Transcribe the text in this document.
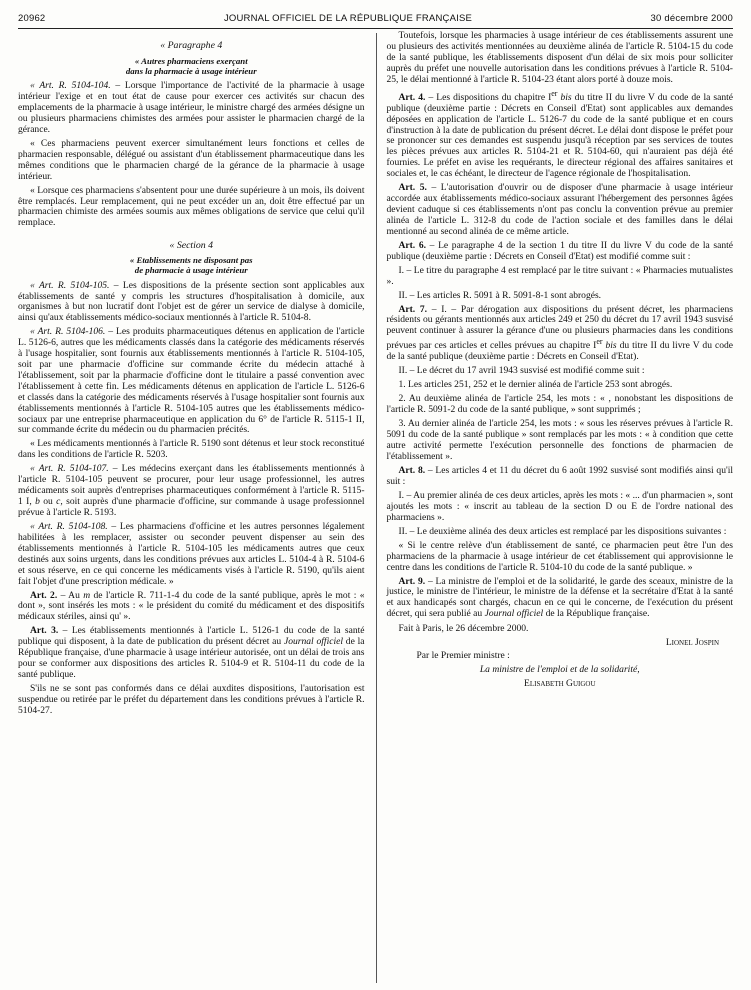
20962	JOURNAL OFFICIEL DE LA RÉPUBLIQUE FRANÇAISE	30 décembre 2000
« Paragraphe 4
« Autres pharmaciens exerçant
dans la pharmacie à usage intérieur

« Art. R. 5104-104. – Lorsque l'importance de l'activité de la pharmacie à usage intérieur l'exige et en tout état de cause pour exercer ces activités sur chacun des emplacements de la pharmacie à usage intérieur, le ministre chargé des armées désigne un ou plusieurs pharmaciens chimistes des armées pour assister le pharmacien chargé de la gérance.

« Ces pharmaciens peuvent exercer simultanément leurs fonctions et celles de pharmacien responsable, délégué ou assistant d'un établissement pharmaceutique dans les mêmes conditions que le pharmacien chargé de la gérance de la pharmacie à usage intérieur.

« Lorsque ces pharmaciens s'absentent pour une durée supérieure à un mois, ils doivent être remplacés. Leur remplacement, qui ne peut excéder un an, doit être effectué par un pharmacien chimiste des armées soumis aux mêmes obligations de service que celui qu'il remplace.

« Section 4
« Etablissements ne disposant pas
de pharmacie à usage intérieur

« Art. R. 5104-105. – Les dispositions de la présente section sont applicables aux établissements de santé y compris les structures d'hospitalisation à domicile, aux organismes à but non lucratif dont l'objet est de gérer un service de dialyse à domicile, ainsi qu'aux établissements médico-sociaux mentionnés à l'article R. 5104-8.

« Art. R. 5104-106. – Les produits pharmaceutiques détenus en application de l'article L. 5126-6, autres que les médicaments classés dans la catégorie des médicaments réservés à l'usage hospitalier, sont fournis aux établissements mentionnés à l'article R. 5104-105, soit par une pharmacie d'officine sur commande écrite du médecin attaché à l'établissement, soit par la pharmacie d'officine dont le titulaire a passé convention avec l'établissement à cette fin. Les médicaments détenus en application de l'article L. 5126-6 et classés dans la catégorie des médicaments réservés à l'usage hospitalier sont fournis aux établissements mentionnés à l'article R. 5104-105 autres que les établissements médico-sociaux par une entreprise pharmaceutique en application du 6° de l'article R. 5115-1 II, sur commande écrite du médecin ou du pharmacien précités.

« Les médicaments mentionnés à l'article R. 5190 sont détenus et leur stock reconstitué dans les conditions de l'article R. 5203.

« Art. R. 5104-107. – Les médecins exerçant dans les établissements mentionnés à l'article R. 5104-105 peuvent se procurer, pour leur usage professionnel, les autres médicaments soit auprès d'entreprises pharmaceutiques conformément à l'article R. 5115-1 I, b ou c, soit auprès d'une pharmacie d'officine, sur commande à usage professionnel prévue à l'article R. 5193.

« Art. R. 5104-108. – Les pharmaciens d'officine et les autres personnes légalement habilitées à les remplacer, assister ou seconder peuvent dispenser au sein des établissements mentionnés à l'article R. 5104-105 les médicaments autres que ceux destinés aux soins urgents, dans les conditions prévues aux articles L. 5104-4 à R. 5104-6 et sous réserve, en ce qui concerne les médicaments visés à l'article R. 5190, qu'ils aient fait l'objet d'une prescription médicale. »

Art. 2. – Au m de l'article R. 711-1-4 du code de la santé publique, après le mot : « dont », sont insérés les mots : « le président du comité du médicament et des dispositifs médicaux stériles, ainsi qu' ».

Art. 3. – Les établissements mentionnés à l'article L. 5126-1 du code de la santé publique qui disposent, à la date de publication du présent décret au Journal officiel de la République française, d'une pharmacie à usage intérieur autorisée, ont un délai de trois ans pour se conformer aux dispositions des articles R. 5104-9 et R. 5104-11 du code de la santé publique.

S'ils ne se sont pas conformés dans ce délai auxdites dispositions, l'autorisation est suspendue ou retirée par le préfet du département dans les conditions prévues à l'article R. 5104-27.

Toutefois, lorsque les pharmacies à usage intérieur de ces établissements assurent une ou plusieurs des activités mentionnées au deuxième alinéa de l'article R. 5104-15 du code de la santé publique, les établissements disposent d'un délai de six mois pour solliciter auprès du préfet une nouvelle autorisation dans les conditions prévues à l'article R. 5104-25, le délai mentionné à l'article R. 5104-23 étant alors porté à douze mois.

Art. 4. – Les dispositions du chapitre Ier bis du titre II du livre V du code de la santé publique (deuxième partie : Décrets en Conseil d'Etat) sont applicables aux demandes déposées en application de l'article L. 5126-7 du code de la santé publique et en cours d'instruction à la date de publication du présent décret. Le délai dont dispose le préfet pour se prononcer sur ces demandes est suspendu jusqu'à réception par ses services de toutes les pièces prévues aux articles R. 5104-21 et R. 5104-60, qui n'auraient pas déjà été fournies. Le préfet en avise les requérants, le directeur régional des affaires sanitaires et sociales et, le cas échéant, le directeur de l'agence régionale de l'hospitalisation.

Art. 5. – L'autorisation d'ouvrir ou de disposer d'une pharmacie à usage intérieur accordée aux établissements médico-sociaux assurant l'hébergement des personnes âgées devient caduque si ces établissements n'ont pas conclu la convention prévue au premier alinéa de l'article L. 312-8 du code de l'action sociale et des familles dans le délai mentionné au second alinéa de ce même article.

Art. 6. – Le paragraphe 4 de la section 1 du titre II du livre V du code de la santé publique (deuxième partie : Décrets en Conseil d'Etat) est modifié comme suit :

I. – Le titre du paragraphe 4 est remplacé par le titre suivant : « Pharmacies mutualistes ».

II. – Les articles R. 5091 à R. 5091-8-1 sont abrogés.

Art. 7. – I. – Par dérogation aux dispositions du présent décret, les pharmaciens résidents ou gérants mentionnés aux articles 249 et 250 du décret du 17 avril 1943 susvisé peuvent continuer à assurer la gérance d'une ou plusieurs pharmacies dans les conditions prévues par ces articles et celles prévues au chapitre Ier bis du titre II du livre V du code de la santé publique (deuxième partie : Décrets en Conseil d'Etat).

II. – Le décret du 17 avril 1943 susvisé est modifié comme suit :

1. Les articles 251, 252 et le dernier alinéa de l'article 253 sont abrogés.

2. Au deuxième alinéa de l'article 254, les mots : « , nonobstant les dispositions de l'article R. 5091-2 du code de la santé publique, » sont supprimés ;

3. Au dernier alinéa de l'article 254, les mots : « sous les réserves prévues à l'article R. 5091 du code de la santé publique » sont remplacés par les mots : « à condition que cette autre activité permette l'exécution personnelle des fonctions de pharmacien de l'établissement ».

Art. 8. – Les articles 4 et 11 du décret du 6 août 1992 susvisé sont modifiés ainsi qu'il suit :

I. – Au premier alinéa de ces deux articles, après les mots : « ... d'un pharmacien », sont ajoutés les mots : « inscrit au tableau de la section D ou E de l'ordre national des pharmaciens ».

II. – Le deuxième alinéa des deux articles est remplacé par les dispositions suivantes :

« Si le centre relève d'un établissement de santé, ce pharmacien peut être l'un des pharmaciens de la pharmacie à usage intérieur de cet établissement qui approvisionne le centre dans les conditions de l'article R. 5104-10 du code de la santé publique. »

Art. 9. – La ministre de l'emploi et de la solidarité, le garde des sceaux, ministre de la justice, le ministre de l'intérieur, le ministre de la défense et la secrétaire d'Etat à la santé et aux handicapés sont chargés, chacun en ce qui le concerne, de l'exécution du présent décret, qui sera publié au Journal officiel de la République française.

Fait à Paris, le 26 décembre 2000.

Lionel Jospin

Par le Premier ministre :

La ministre de l'emploi et de la solidarité,

Elisabeth Guigou
